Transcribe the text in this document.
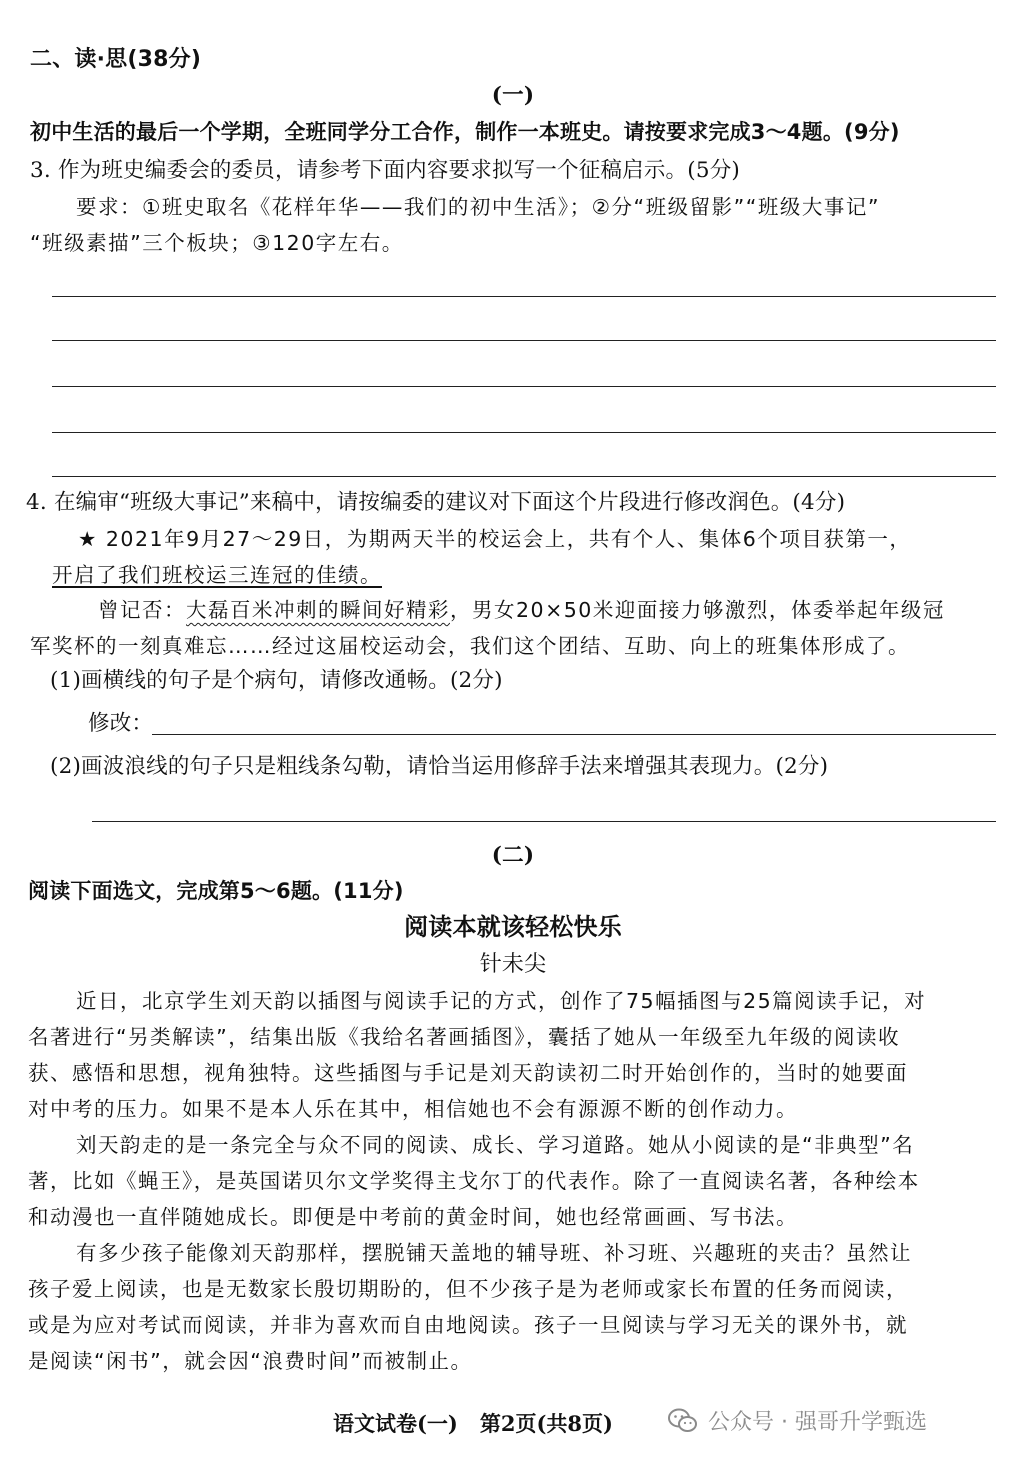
二、读·思(38分)
(一)
初中生活的最后一个学期，全班同学分工合作，制作一本班史。请按要求完成3～4题。(9分)
3. 作为班史编委会的委员，请参考下面内容要求拟写一个征稿启示。(5分)
要求：①班史取名《花样年华——我们的初中生活》；②分“班级留影”“班级大事记”
“班级素描”三个板块；③120字左右。
4. 在编审“班级大事记”来稿中，请按编委的建议对下面这个片段进行修改润色。(4分)
★ 2021年9月27～29日，为期两天半的校运会上，共有个人、集体6个项目获第一，
开启了我们班校运三连冠的佳绩。
曾记否：大磊百米冲刺的瞬间好精彩，男女20×50米迎面接力够激烈，体委举起年级冠
军奖杯的一刻真难忘……经过这届校运动会，我们这个团结、互助、向上的班集体形成了。
(1)画横线的句子是个病句，请修改通畅。(2分)
修改：
(2)画波浪线的句子只是粗线条勾勒，请恰当运用修辞手法来增强其表现力。(2分)
(二)
阅读下面选文，完成第5～6题。(11分)
阅读本就该轻松快乐
针未尖
近日，北京学生刘天韵以插图与阅读手记的方式，创作了75幅插图与25篇阅读手记，对
名著进行“另类解读”，结集出版《我给名著画插图》，囊括了她从一年级至九年级的阅读收
获、感悟和思想，视角独特。这些插图与手记是刘天韵读初二时开始创作的，当时的她要面
对中考的压力。如果不是本人乐在其中，相信她也不会有源源不断的创作动力。
刘天韵走的是一条完全与众不同的阅读、成长、学习道路。她从小阅读的是“非典型”名
著，比如《蝇王》，是英国诺贝尔文学奖得主戈尔丁的代表作。除了一直阅读名著，各种绘本
和动漫也一直伴随她成长。即便是中考前的黄金时间，她也经常画画、写书法。
有多少孩子能像刘天韵那样，摆脱铺天盖地的辅导班、补习班、兴趣班的夹击？虽然让
孩子爱上阅读，也是无数家长殷切期盼的，但不少孩子是为老师或家长布置的任务而阅读，
或是为应对考试而阅读，并非为喜欢而自由地阅读。孩子一旦阅读与学习无关的课外书，就
是阅读“闲书”，就会因“浪费时间”而被制止。
语文试卷(一) 第2页(共8页)	公众号 · 强哥升学甄选
